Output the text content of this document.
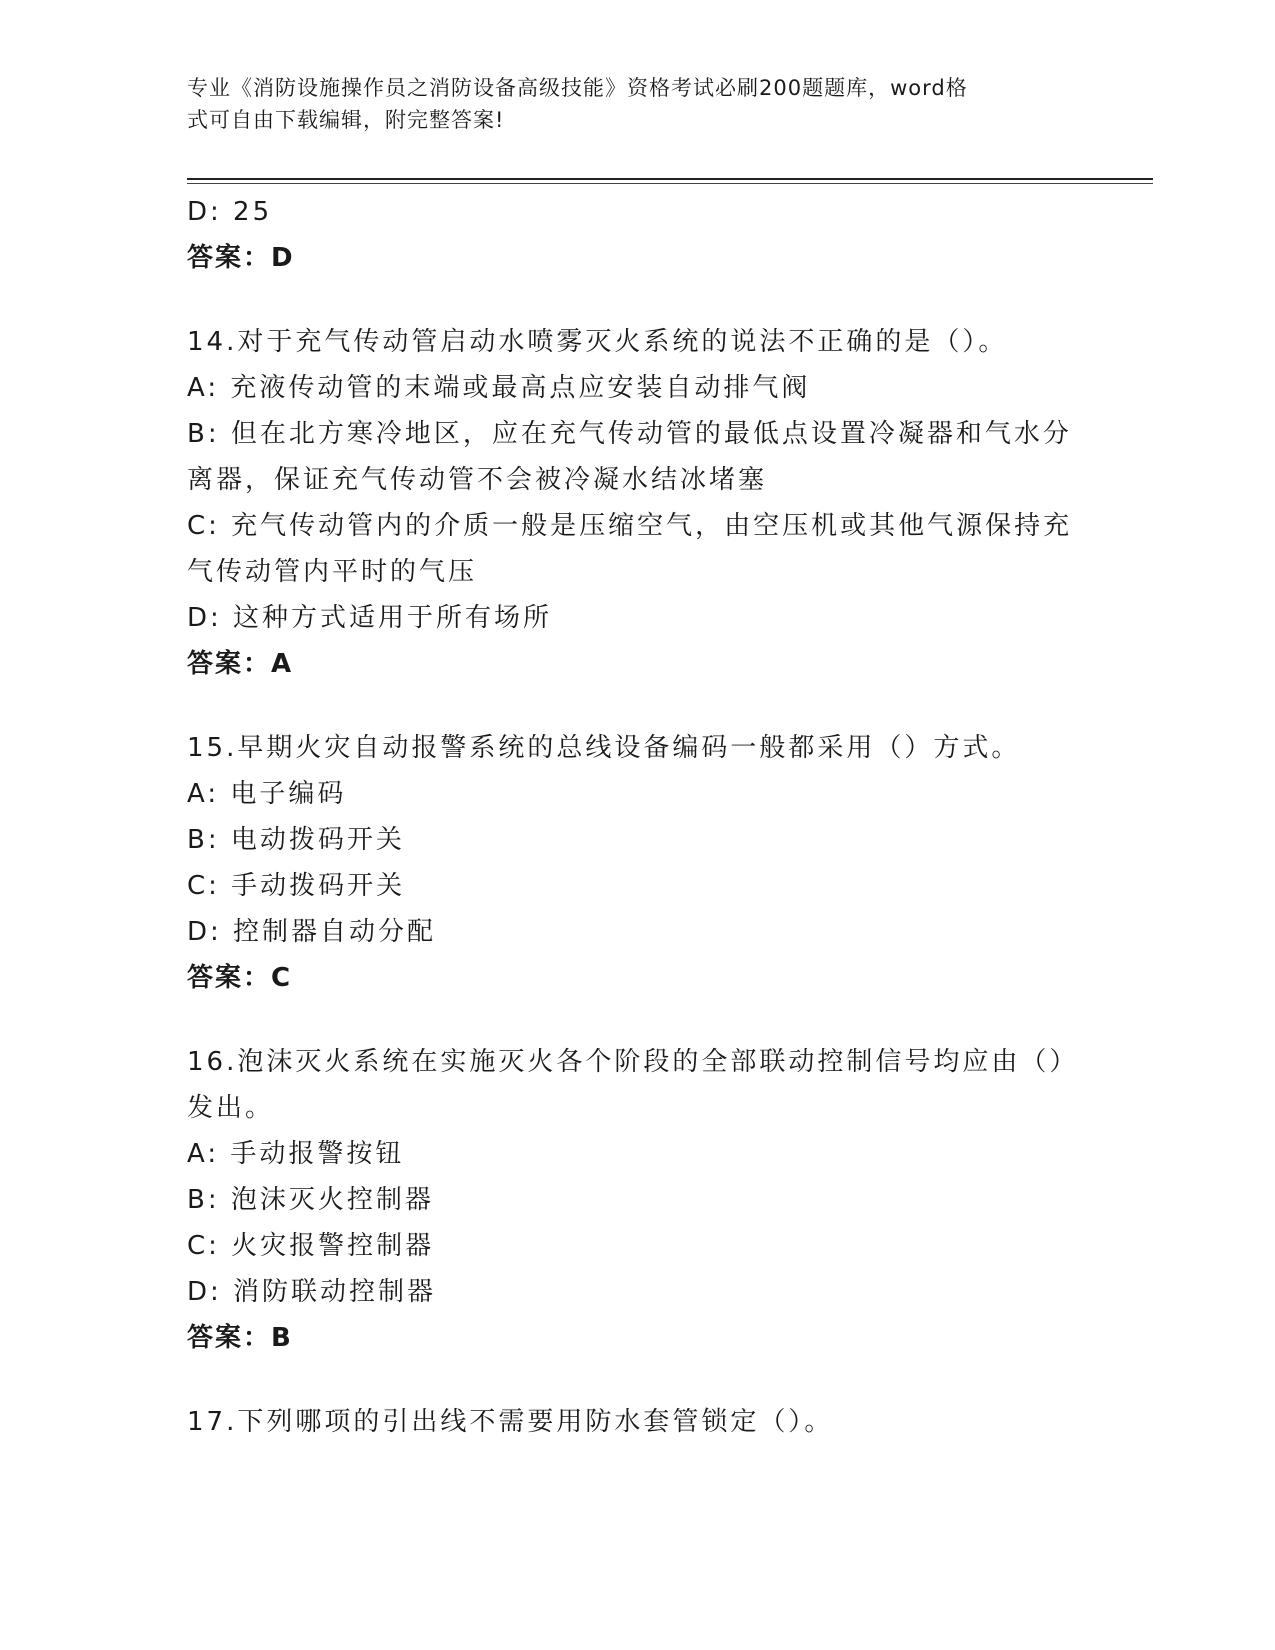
专业《消防设施操作员之消防设备高级技能》资格考试必刷200题题库，word格
式可自由下载编辑，附完整答案!
D: 25
答案：D
14.对于充气传动管启动水喷雾灭火系统的说法不正确的是（）。
A: 充液传动管的末端或最高点应安装自动排气阀
B: 但在北方寒冷地区，应在充气传动管的最低点设置冷凝器和气水分
离器，保证充气传动管不会被冷凝水结冰堵塞
C: 充气传动管内的介质一般是压缩空气，由空压机或其他气源保持充
气传动管内平时的气压
D: 这种方式适用于所有场所
答案：A
15.早期火灾自动报警系统的总线设备编码一般都采用（）方式。
A: 电子编码
B: 电动拨码开关
C: 手动拨码开关
D: 控制器自动分配
答案：C
16.泡沫灭火系统在实施灭火各个阶段的全部联动控制信号均应由（）
发出。
A: 手动报警按钮
B: 泡沫灭火控制器
C: 火灾报警控制器
D: 消防联动控制器
答案：B
17.下列哪项的引出线不需要用防水套管锁定（）。
